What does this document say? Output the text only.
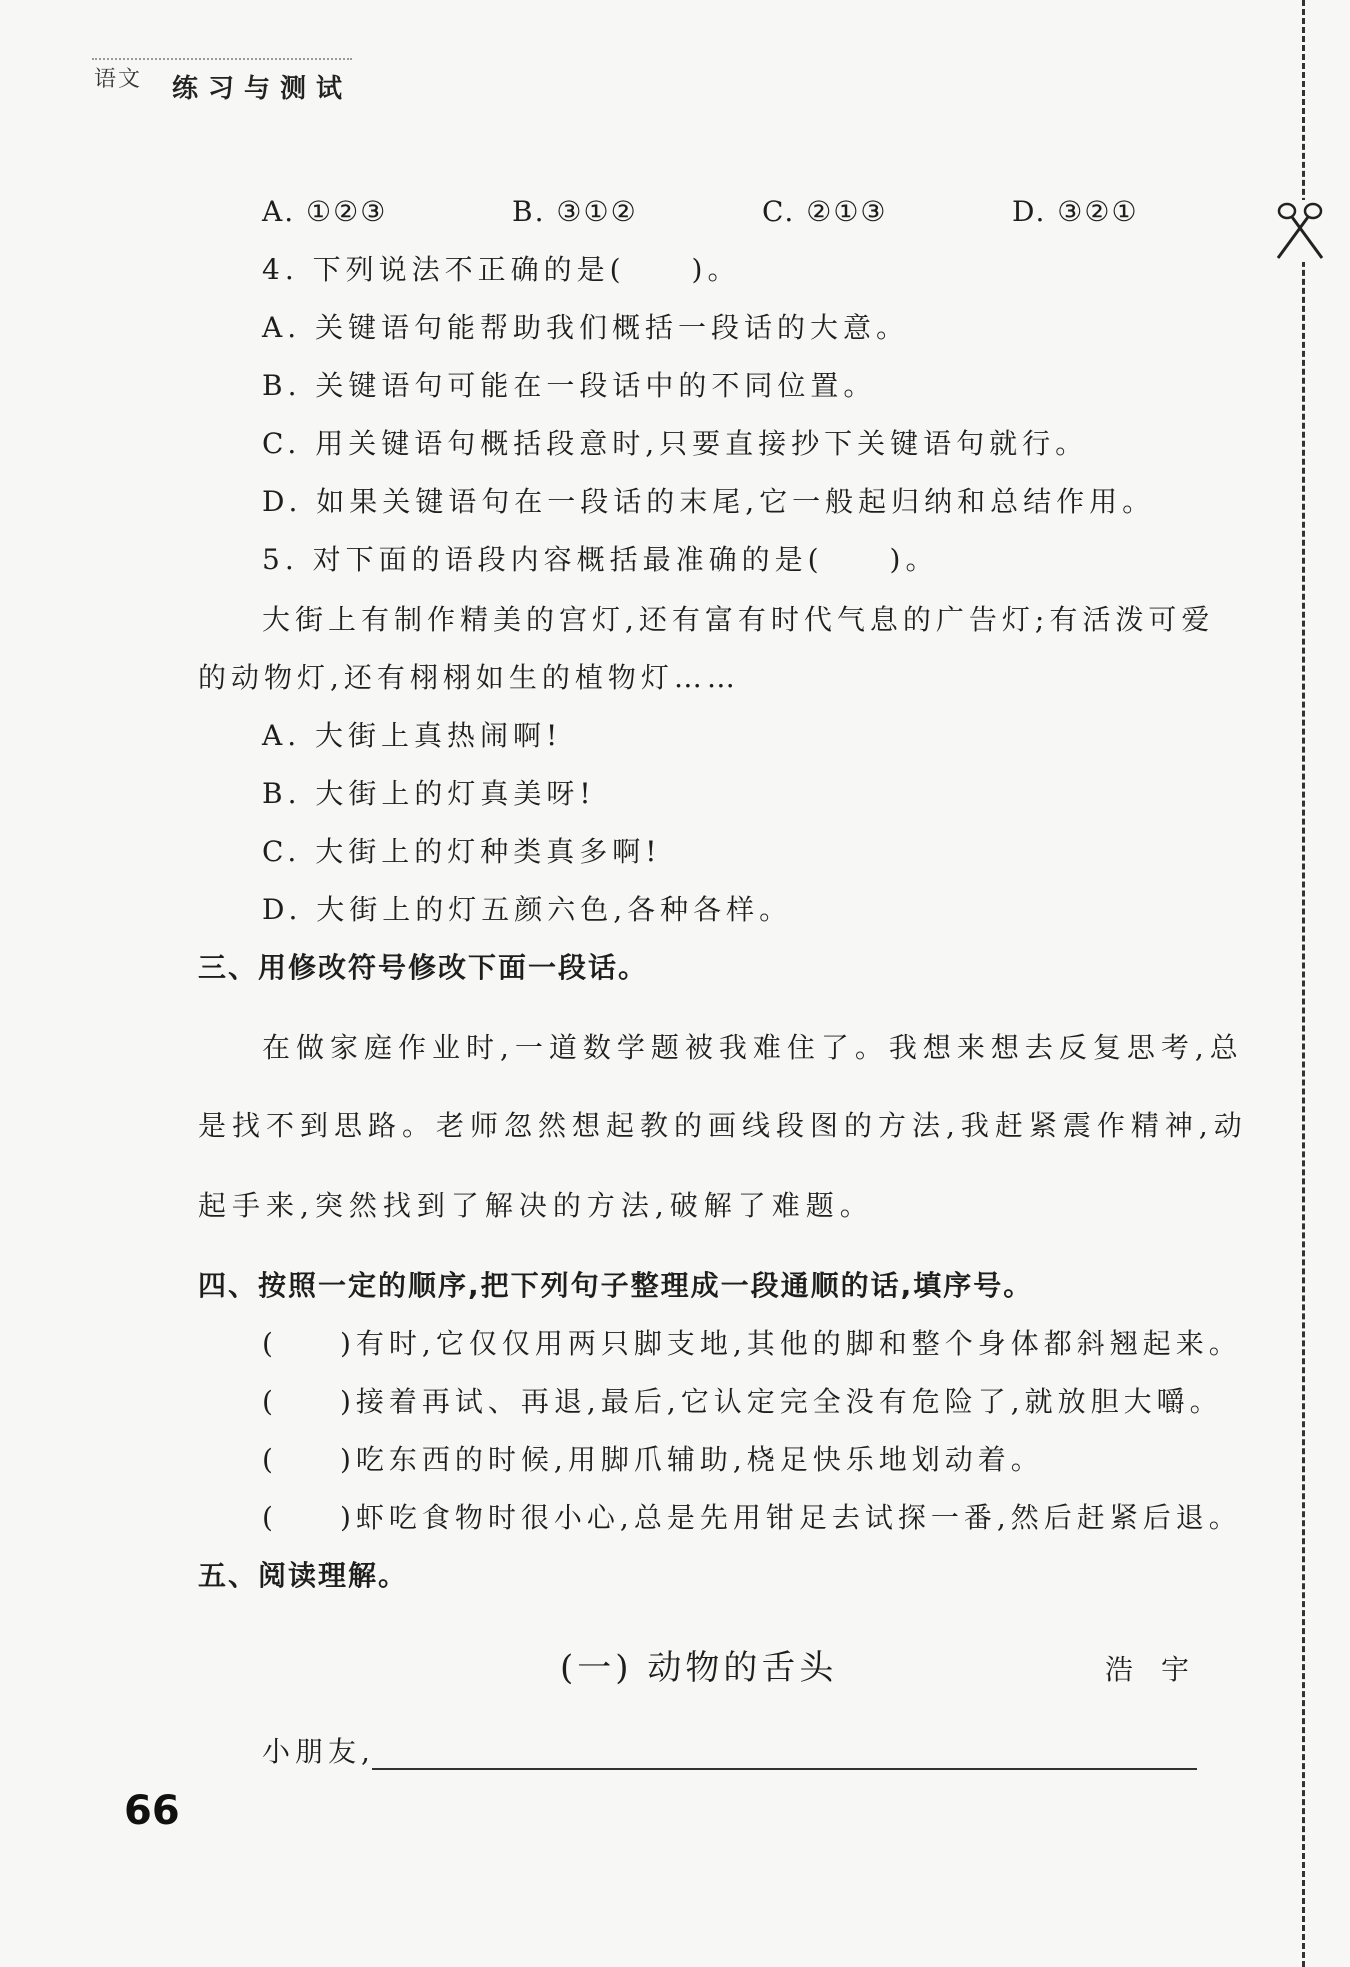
语文 练习与测试
A. ①②③	B. ③①②	C. ②①③	D. ③②①
4. 下列说法不正确的是(　　)。
A. 关键语句能帮助我们概括一段话的大意。
B. 关键语句可能在一段话中的不同位置。
C. 用关键语句概括段意时,只要直接抄下关键语句就行。
D. 如果关键语句在一段话的末尾,它一般起归纳和总结作用。
5. 对下面的语段内容概括最准确的是(　　)。
大街上有制作精美的宫灯,还有富有时代气息的广告灯;有活泼可爱
的动物灯,还有栩栩如生的植物灯……
A. 大街上真热闹啊!
B. 大街上的灯真美呀!
C. 大街上的灯种类真多啊!
D. 大街上的灯五颜六色,各种各样。
三、用修改符号修改下面一段话。
在做家庭作业时,一道数学题被我难住了。我想来想去反复思考,总
是找不到思路。老师忽然想起教的画线段图的方法,我赶紧震作精神,动
起手来,突然找到了解决的方法,破解了难题。
四、按照一定的顺序,把下列句子整理成一段通顺的话,填序号。
( )有时,它仅仅用两只脚支地,其他的脚和整个身体都斜翘起来。
( )接着再试、再退,最后,它认定完全没有危险了,就放胆大嚼。
( )吃东西的时候,用脚爪辅助,桡足快乐地划动着。
( )虾吃食物时很小心,总是先用钳足去试探一番,然后赶紧后退。
五、阅读理解。
(一) 动物的舌头	浩宇
小朋友,
66
